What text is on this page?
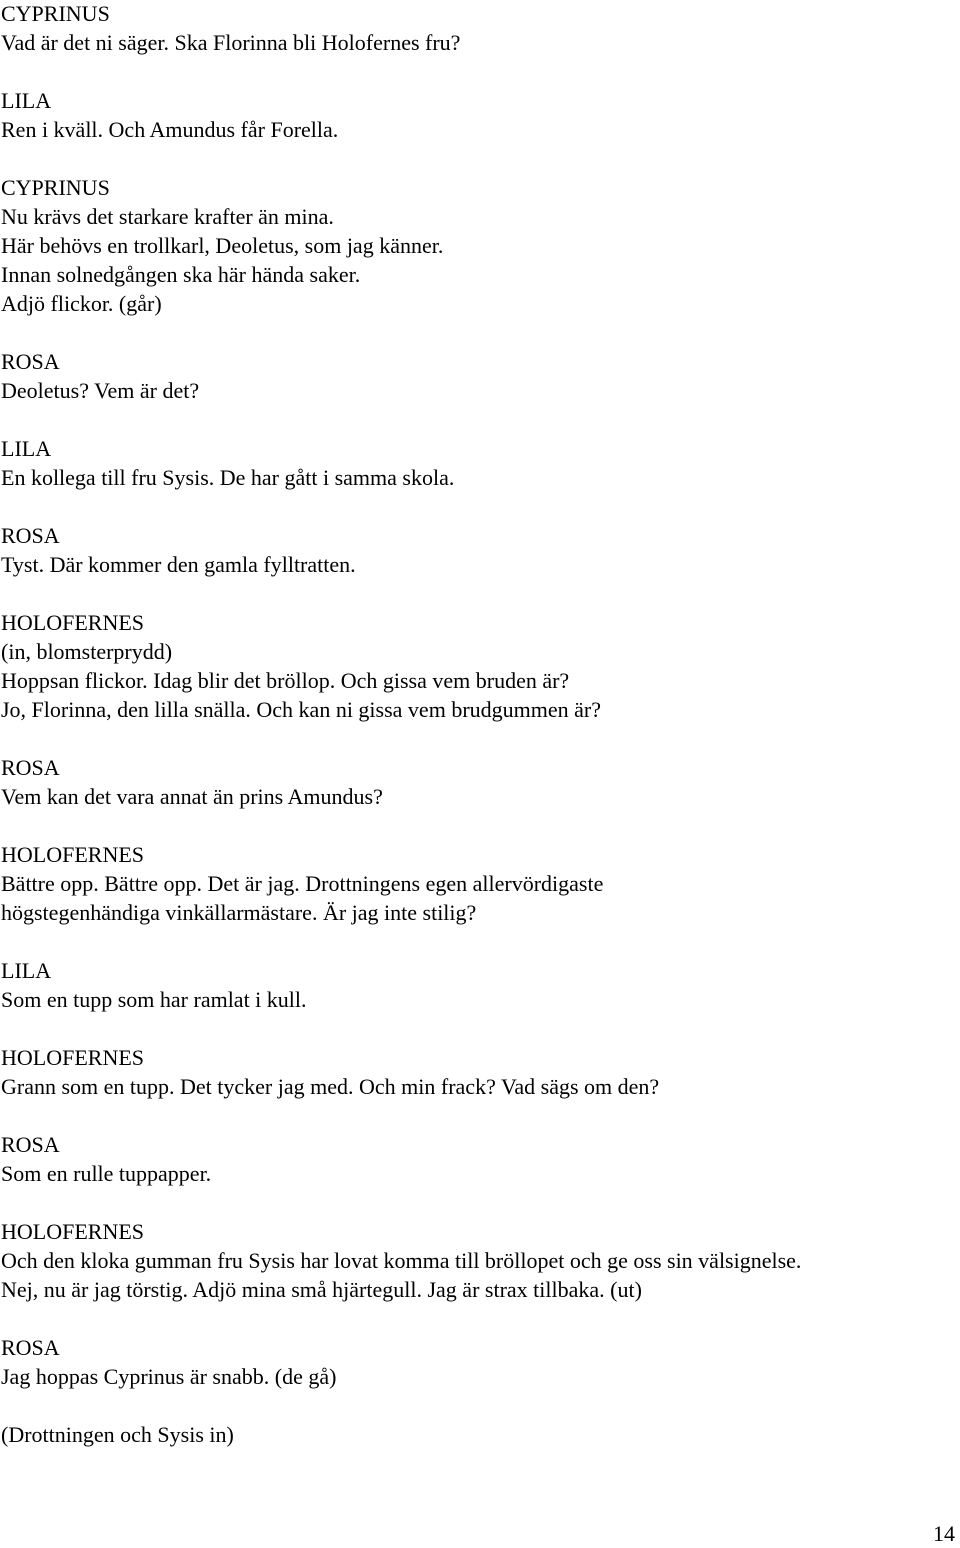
CYPRINUS
Vad är det ni säger. Ska Florinna bli Holofernes fru?
LILA
Ren i kväll. Och Amundus får Forella.
CYPRINUS
Nu krävs det starkare krafter än mina.
Här behövs en trollkarl, Deoletus, som jag känner.
Innan solnedgången ska här hända saker.
Adjö flickor. (går)
ROSA
Deoletus? Vem är det?
LILA
En kollega till fru Sysis. De har gått i samma skola.
ROSA
Tyst. Där kommer den gamla fylltratten.
HOLOFERNES
(in, blomsterprydd)
Hoppsan flickor. Idag blir det bröllop. Och gissa vem bruden är?
Jo, Florinna, den lilla snälla. Och kan ni gissa vem brudgummen är?
ROSA
Vem kan det vara annat än prins Amundus?
HOLOFERNES
Bättre opp. Bättre opp. Det är jag. Drottningens egen allervördigaste
högstegenhändiga vinkällarmästare. Är jag inte stilig?
LILA
Som en tupp som har ramlat i kull.
HOLOFERNES
Grann som en tupp. Det tycker jag med. Och min frack? Vad sägs om den?
ROSA
Som en rulle tuppapper.
HOLOFERNES
Och den kloka gumman fru Sysis har lovat komma till bröllopet och ge oss sin välsignelse.
Nej, nu är jag törstig. Adjö mina små hjärtegull. Jag är strax tillbaka. (ut)
ROSA
Jag hoppas Cyprinus är snabb. (de gå)
(Drottningen och Sysis in)
14
